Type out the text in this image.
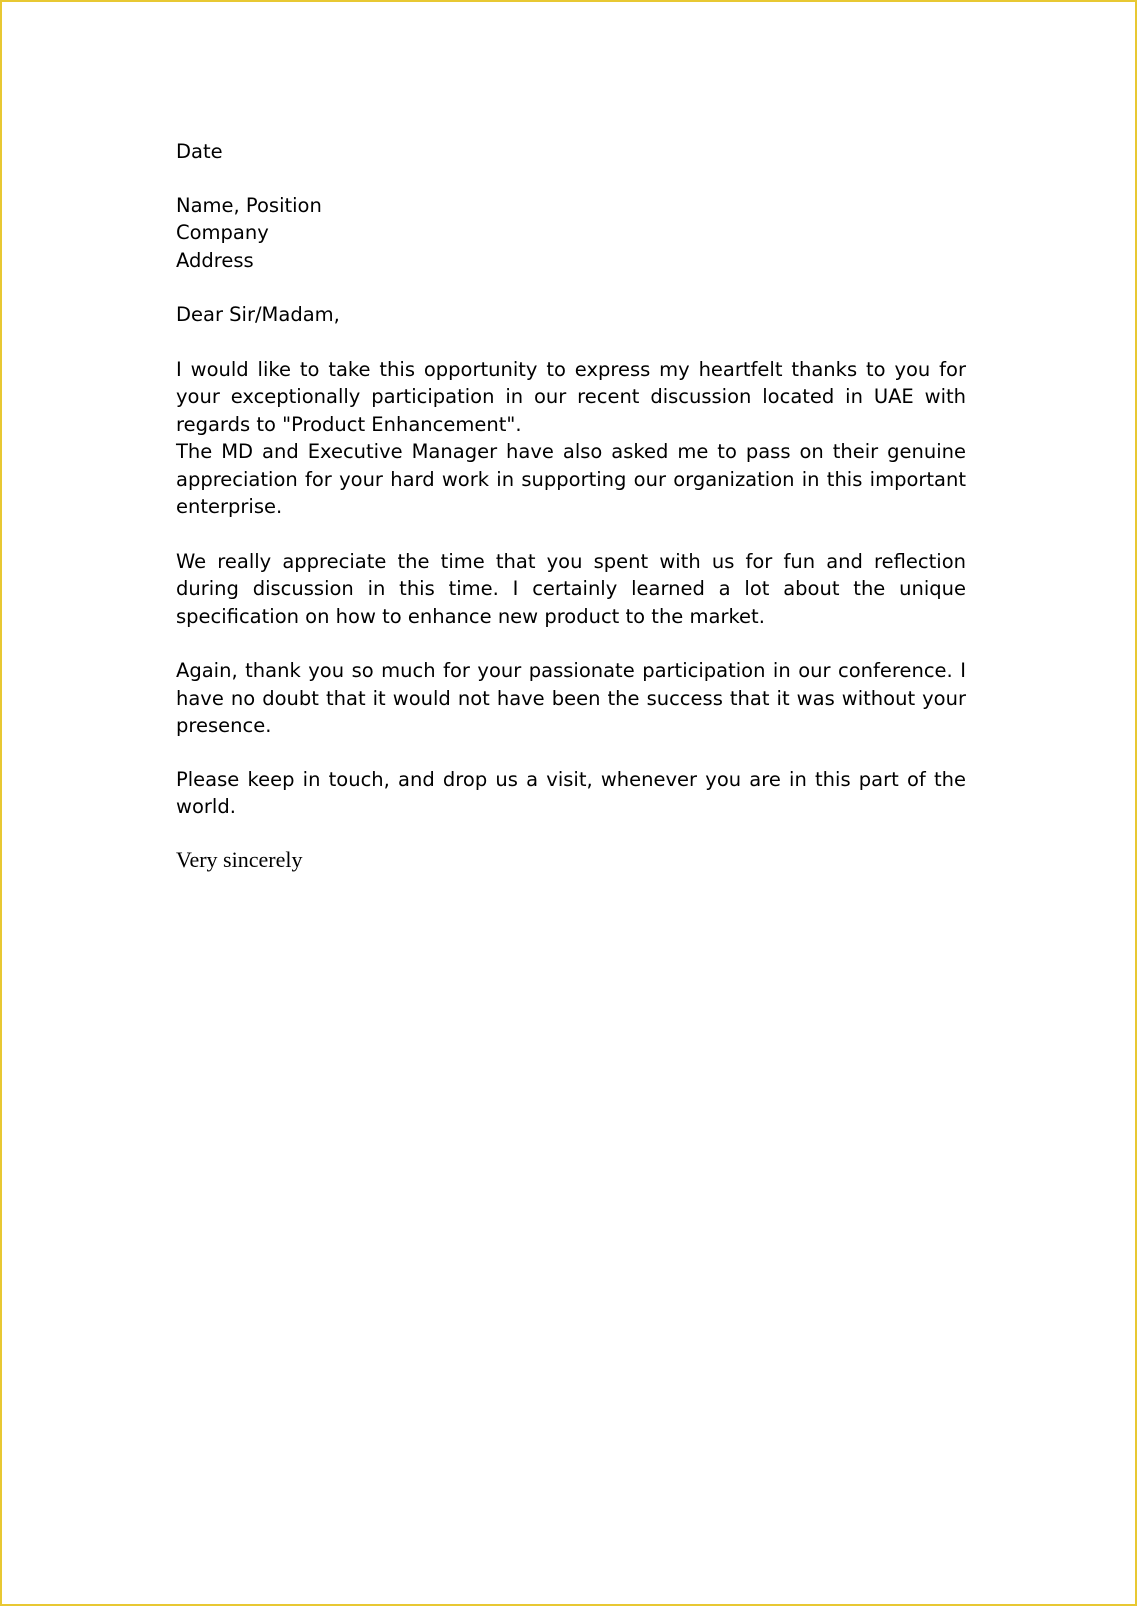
Date

Name, Position

Company

Address

Dear Sir/Madam,

I would like to take this opportunity to express my heartfelt thanks to you for your exceptionally participation in our recent discussion located in UAE with regards to "Product Enhancement".

The MD and Executive Manager have also asked me to pass on their genuine appreciation for your hard work in supporting our organization in this important enterprise.

We really appreciate the time that you spent with us for fun and reflection during discussion in this time. I certainly learned a lot about the unique specification on how to enhance new product to the market.

Again, thank you so much for your passionate participation in our conference. I have no doubt that it would not have been the success that it was without your presence.

Please keep in touch, and drop us a visit, whenever you are in this part of the world.

Very sincerely
